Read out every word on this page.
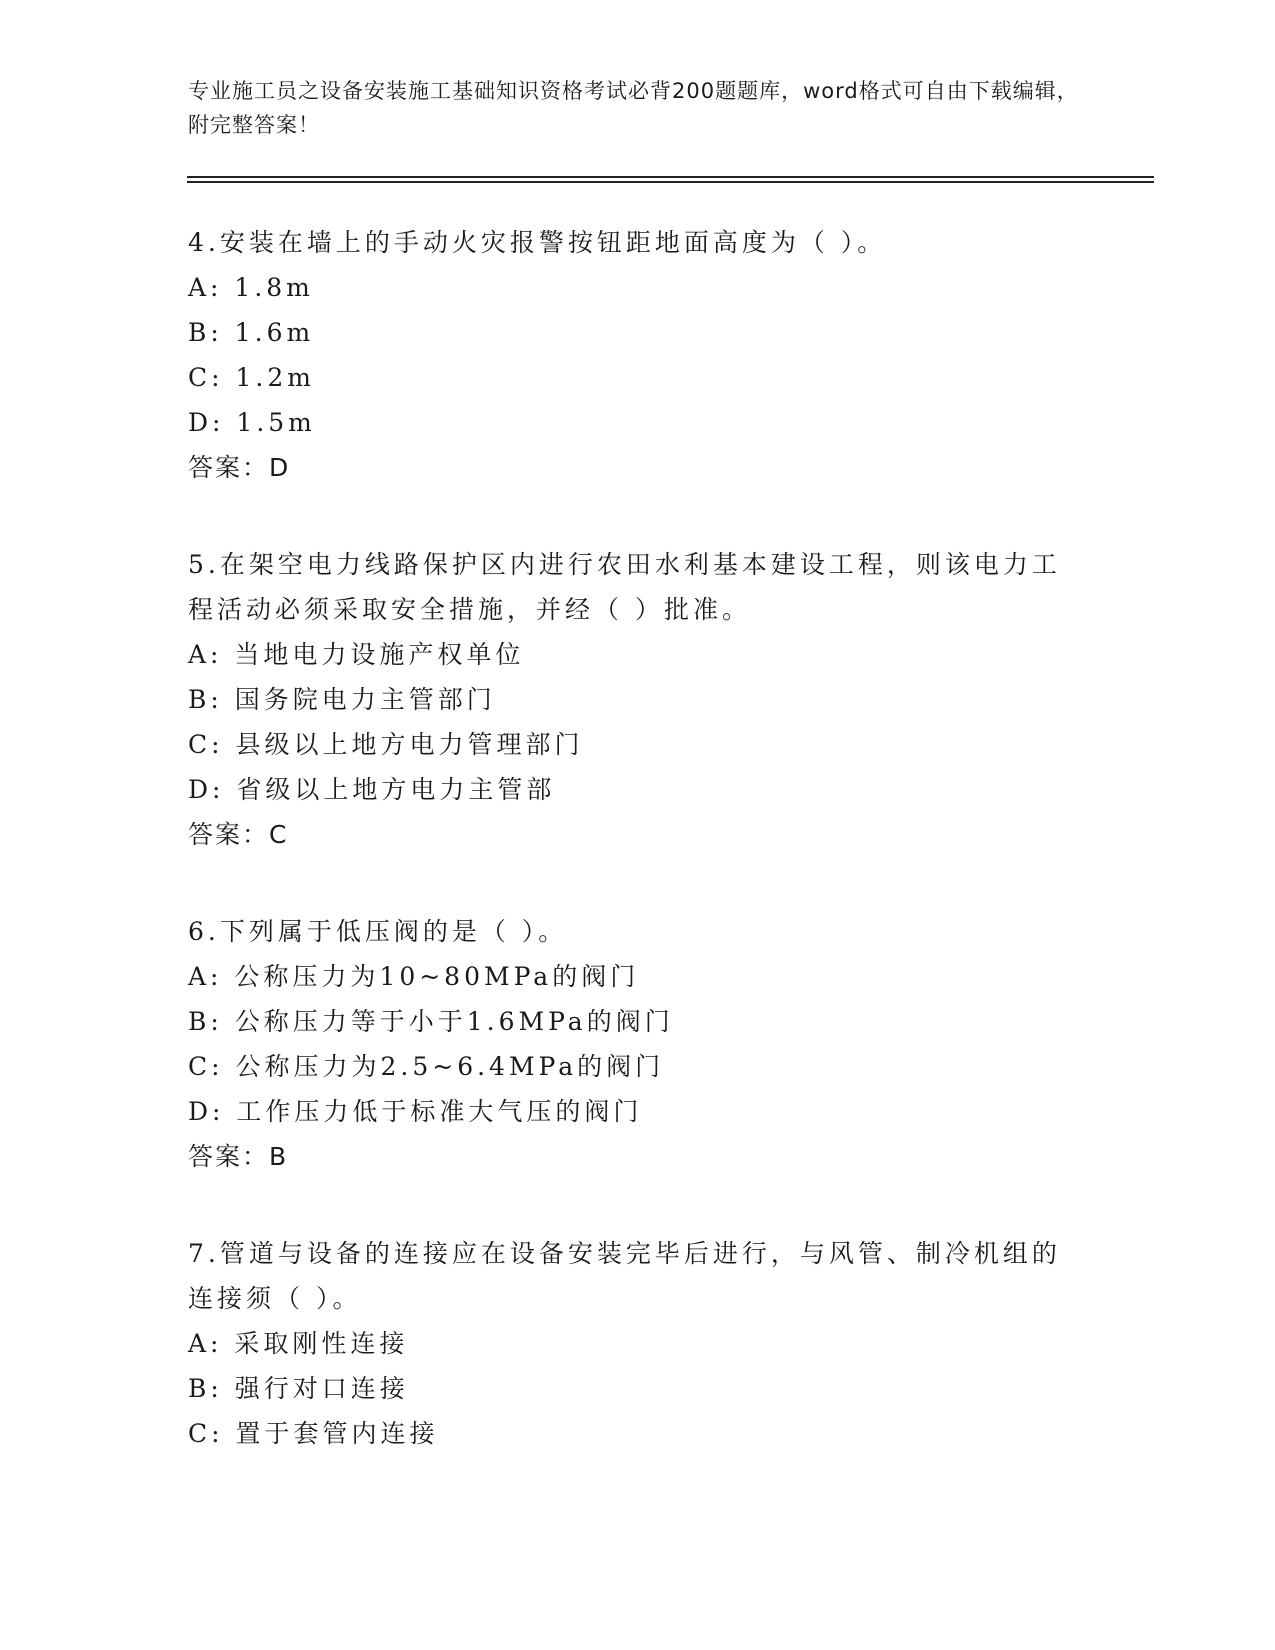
专业施工员之设备安装施工基础知识资格考试必背200题题库，word格式可自由下载编辑，附完整答案！

4.安装在墙上的手动火灾报警按钮距地面高度为（ ）。

A: 1.8m

B: 1.6m

C: 1.2m

D: 1.5m

答案：D

5.在架空电力线路保护区内进行农田水利基本建设工程，则该电力工程活动必须采取安全措施，并经（ ）批准。

A: 当地电力设施产权单位

B: 国务院电力主管部门

C: 县级以上地方电力管理部门

D: 省级以上地方电力主管部

答案：C

6.下列属于低压阀的是（ ）。

A: 公称压力为10~80MPa的阀门

B: 公称压力等于小于1.6MPa的阀门

C: 公称压力为2.5~6.4MPa的阀门

D: 工作压力低于标准大气压的阀门

答案：B

7.管道与设备的连接应在设备安装完毕后进行，与风管、制冷机组的连接须（ ）。

A: 采取刚性连接

B: 强行对口连接

C: 置于套管内连接
